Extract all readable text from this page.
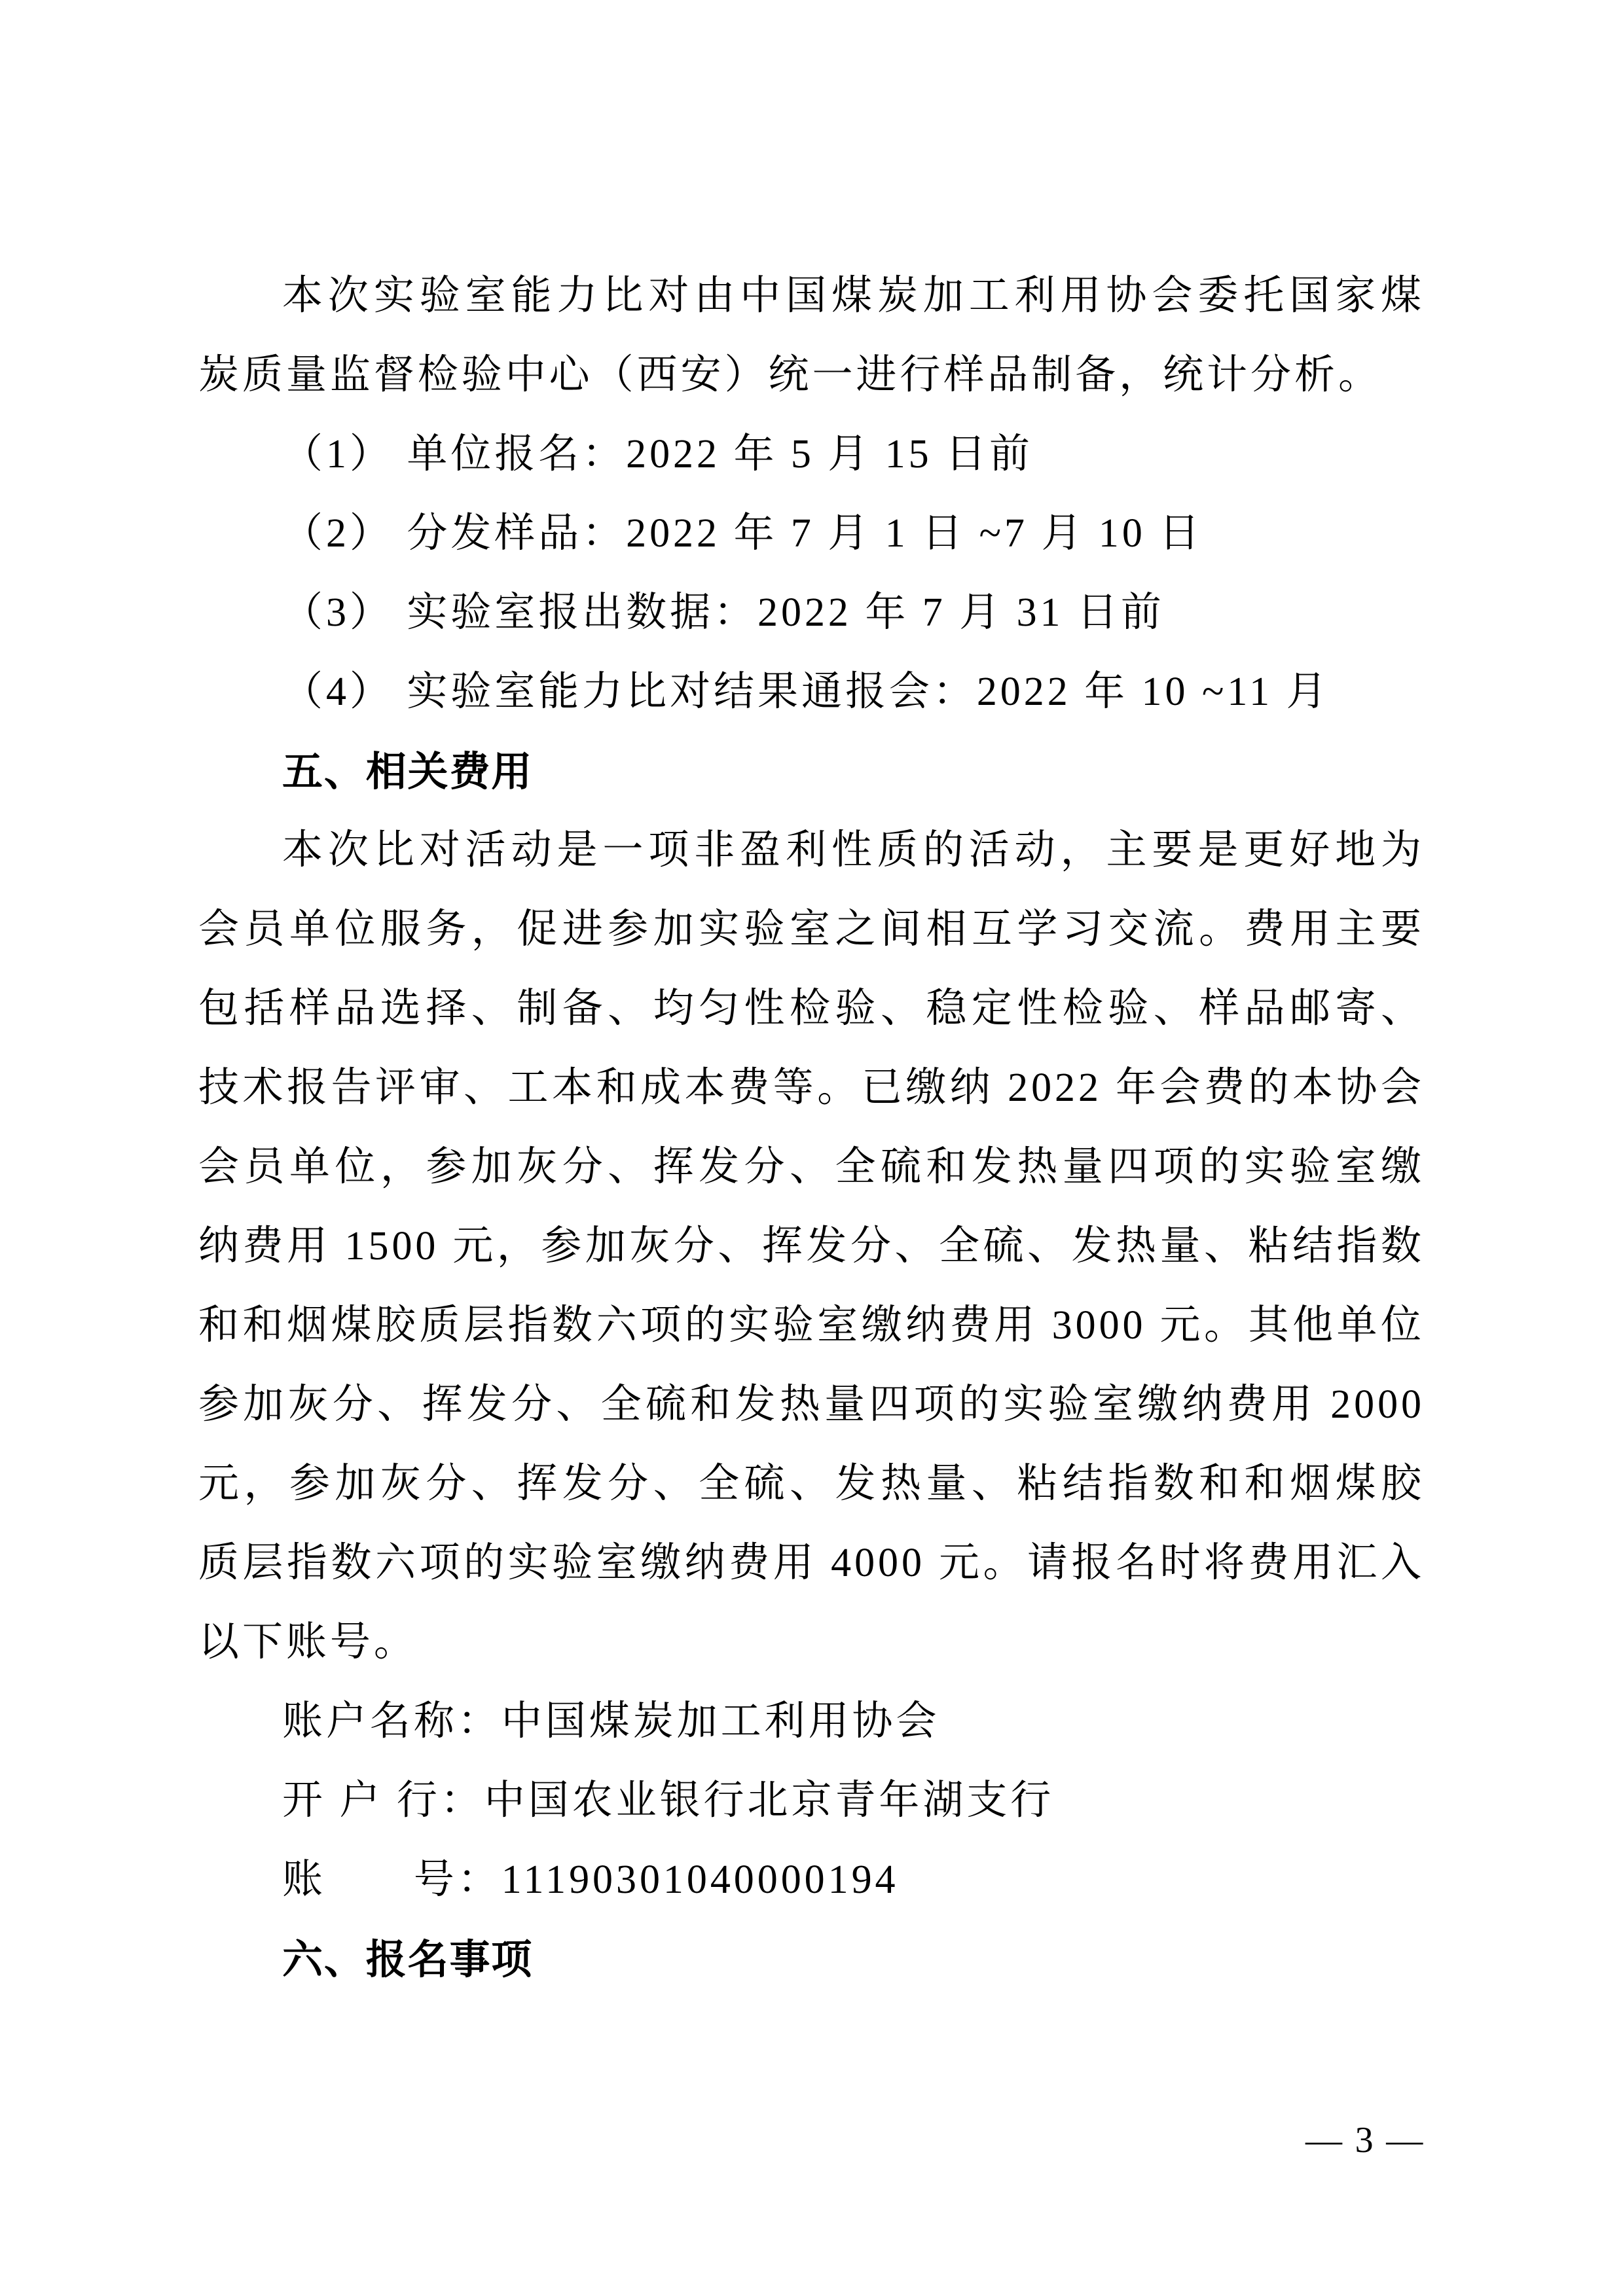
本次实验室能力比对由中国煤炭加工利用协会委托国家煤
炭质量监督检验中心（西安）统一进行样品制备，统计分析。
（1） 单位报名：2022 年 5 月 15 日前
（2） 分发样品：2022 年 7 月 1 日 ~7 月 10 日
（3） 实验室报出数据：2022 年 7 月 31 日前
（4） 实验室能力比对结果通报会：2022 年 10 ~11 月
五、相关费用
本次比对活动是一项非盈利性质的活动，主要是更好地为
会员单位服务，促进参加实验室之间相互学习交流。费用主要
包括样品选择、制备、均匀性检验、稳定性检验、样品邮寄、
技术报告评审、工本和成本费等。已缴纳 2022 年会费的本协会
会员单位，参加灰分、挥发分、全硫和发热量四项的实验室缴
纳费用 1500 元，参加灰分、挥发分、全硫、发热量、粘结指数
和和烟煤胶质层指数六项的实验室缴纳费用 3000 元。其他单位
参加灰分、挥发分、全硫和发热量四项的实验室缴纳费用 2000
元，参加灰分、挥发分、全硫、发热量、粘结指数和和烟煤胶
质层指数六项的实验室缴纳费用 4000 元。请报名时将费用汇入
以下账号。
账户名称：中国煤炭加工利用协会
开 户 行：中国农业银行北京青年湖支行
账　　号：11190301040000194
六、报名事项
— 3 —
